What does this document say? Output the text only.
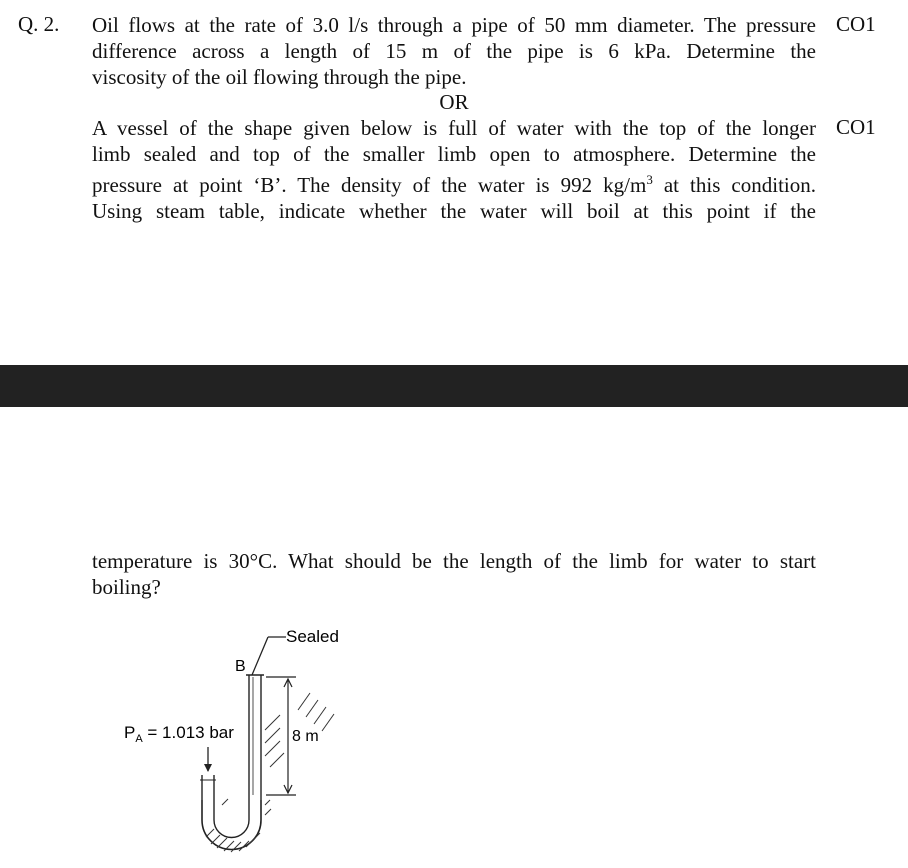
Q. 2. Oil flows at the rate of 3.0 l/s through a pipe of 50 mm diameter. The pressure
difference across a length of 15 m of the pipe is 6 kPa. Determine the
viscosity of the oil flowing through the pipe.
CO1
OR
A vessel of the shape given below is full of water with the top of the longer
limb sealed and top of the smaller limb open to atmosphere. Determine the
pressure at point ‘B’. The density of the water is 992 $kg/m^3$ at this condition.
Using steam table, indicate whether the water will boil at this point if the
CO1
temperature is 30°C. What should be the length of the limb for water to start
boiling?
Sealed
B
8 m
$P_A = 1.013$ bar
